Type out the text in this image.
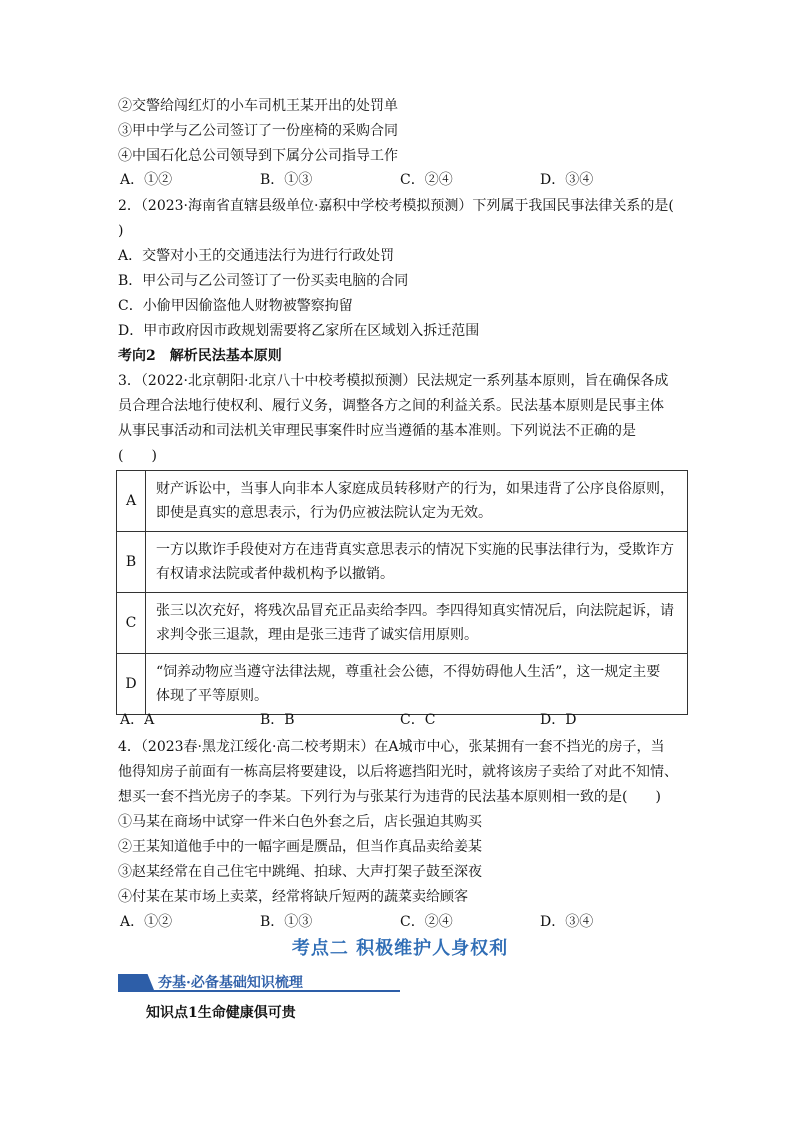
②交警给闯红灯的小车司机王某开出的处罚单
③甲中学与乙公司签订了一份座椅的采购合同
④中国石化总公司领导到下属分公司指导工作
A．①②	B．①③	C．②④	D．③④
2．（2023·海南省直辖县级单位·嘉积中学校考模拟预测）下列属于我国民事法律关系的是(
)
A．交警对小王的交通违法行为进行行政处罚
B．甲公司与乙公司签订了一份买卖电脑的合同
C．小偷甲因偷盗他人财物被警察拘留
D．甲市政府因市政规划需要将乙家所在区域划入拆迁范围
考向2　解析民法基本原则
3．（2022·北京朝阳·北京八十中校考模拟预测）民法规定一系列基本原则，旨在确保各成
员合理合法地行使权利、履行义务，调整各方之间的利益关系。民法基本原则是民事主体
从事民事活动和司法机关审理民事案件时应当遵循的基本准则。下列说法不正确的是
(　　)
A	财产诉讼中，当事人向非本人家庭成员转移财产的行为，如果违背了公序良俗原则，
即使是真实的意思表示，行为仍应被法院认定为无效。
B	一方以欺诈手段使对方在违背真实意思表示的情况下实施的民事法律行为，受欺诈方
有权请求法院或者仲裁机构予以撤销。
C	张三以次充好，将残次品冒充正品卖给李四。李四得知真实情况后，向法院起诉，请
求判令张三退款，理由是张三违背了诚实信用原则。
D	“饲养动物应当遵守法律法规，尊重社会公德，不得妨碍他人生活”，这一规定主要
体现了平等原则。
A．A	B．B	C．C	D．D
4．（2023春·黑龙江绥化·高二校考期末）在A城市中心，张某拥有一套不挡光的房子，当
他得知房子前面有一栋高层将要建设，以后将遮挡阳光时，就将该房子卖给了对此不知情、
想买一套不挡光房子的李某。下列行为与张某行为违背的民法基本原则相一致的是(　　)
①马某在商场中试穿一件米白色外套之后，店长强迫其购买
②王某知道他手中的一幅字画是赝品，但当作真品卖给姜某
③赵某经常在自己住宅中跳绳、拍球、大声打架子鼓至深夜
④付某在某市场上卖菜，经常将缺斤短两的蔬菜卖给顾客
A．①②	B．①③	C．②④	D．③④
考点二 积极维护人身权利
夯基·必备基础知识梳理
知识点1生命健康倶可贵
